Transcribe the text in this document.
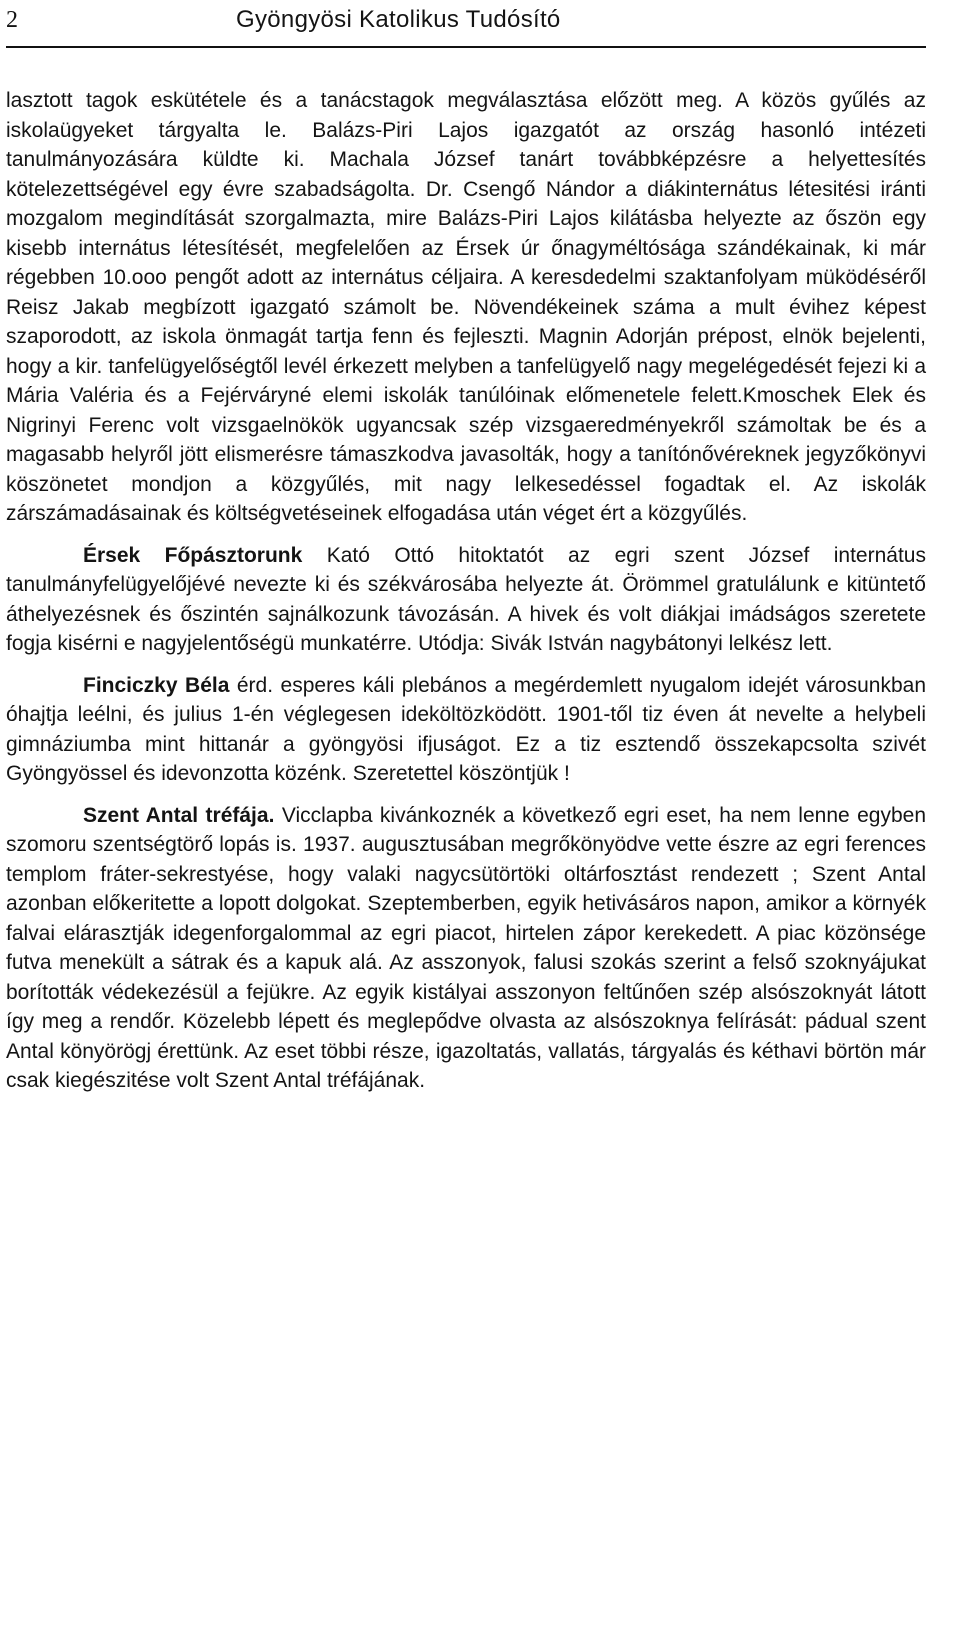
2	Gyöngyösi Katolikus Tudósító

lasztott tagok eskütétele és a tanácstagok megválasztása előzött meg. A közös gyűlés az iskolaügyeket tárgyalta le. Balázs-Piri Lajos igazgatót az ország hasonló intézeti tanulmányozására küldte ki. Machala József tanárt továbbképzésre a helyettesítés kötelezettségével egy évre szabadságolta. Dr. Csengő Nándor a diákinternátus létesitési iránti mozgalom megindítását szorgalmazta, mire Balázs-Piri Lajos kilátásba helyezte az őszön egy kisebb internátus létesítését, megfelelően az Érsek úr őnagyméltósága szándékainak, ki már régebben 10.ooo pengőt adott az internátus céljaira. A keresdedelmi szaktanfolyam müködéséről Reisz Jakab megbízott igazgató számolt be. Növendékeinek száma a mult évihez képest szaporodott, az iskola önmagát tartja fenn és fejleszti. Magnin Adorján prépost, elnök bejelenti, hogy a kir. tanfelügyelőségtől levél érkezett melyben a tanfelügyelő nagy megelégedését fejezi ki a Mária Valéria és a Fejérváryné elemi iskolák tanúlóinak előmenetele felett.Kmoschek Elek és Nigrinyi Ferenc volt vizsgaelnökök ugyancsak szép vizsgaeredményekről számoltak be és a magasabb helyről jött elismerésre támaszkodva javasolták, hogy a tanítónővéreknek jegyzőkönyvi köszönetet mondjon a közgyűlés, mit nagy lelkesedéssel fogadtak el. Az iskolák zárszámadásainak és költségvetéseinek elfogadása után véget ért a közgyűlés.

Érsek Főpásztorunk Kató Ottó hitoktatót az egri szent József internátus tanulmányfelügyelőjévé nevezte ki és székvárosába helyezte át. Örömmel gratulálunk e kitüntető áthelyezésnek és őszintén sajnálkozunk távozásán. A hivek és volt diákjai imádságos szeretete fogja kisérni e nagyjelentőségü munkatérre. Utódja: Sivák István nagybátonyi lelkész lett.

Finciczky Béla érd. esperes káli plebános a megérdemlett nyugalom idejét városunkban óhajtja leélni, és julius 1-én véglegesen ideköltözködött. 1901-től tiz éven át nevelte a helybeli gimnáziumba mint hittanár a gyöngyösi ifjuságot. Ez a tiz esztendő összekapcsolta szivét Gyöngyössel és idevonzotta közénk. Szeretettel köszöntjük !

Szent Antal tréfája. Vicclapba kivánkoznék a következő egri eset, ha nem lenne egyben szomoru szentségtörő lopás is. 1937. augusztusában megrőkönyödve vette észre az egri ferences templom fráter-sekrestyése, hogy valaki nagycsütörtöki oltárfosztást rendezett ; Szent Antal azonban előkeritette a lopott dolgokat. Szeptemberben, egyik hetivásáros napon, amikor a környék falvai elárasztják idegenforgalommal az egri piacot, hirtelen zápor kerekedett. A piac közönsége futva menekült a sátrak és a kapuk alá. Az asszonyok, falusi szokás szerint a felső szoknyájukat borították védekezésül a fejükre. Az egyik kistályai asszonyon feltűnően szép alsószoknyát látott így meg a rendőr. Közelebb lépett és meglepődve olvasta az alsószoknya felírását: pádual szent Antal könyörögj érettünk. Az eset többi része, igazoltatás, vallatás, tárgyalás és kéthavi börtön már csak kiegészitése volt Szent Antal tréfájának.
